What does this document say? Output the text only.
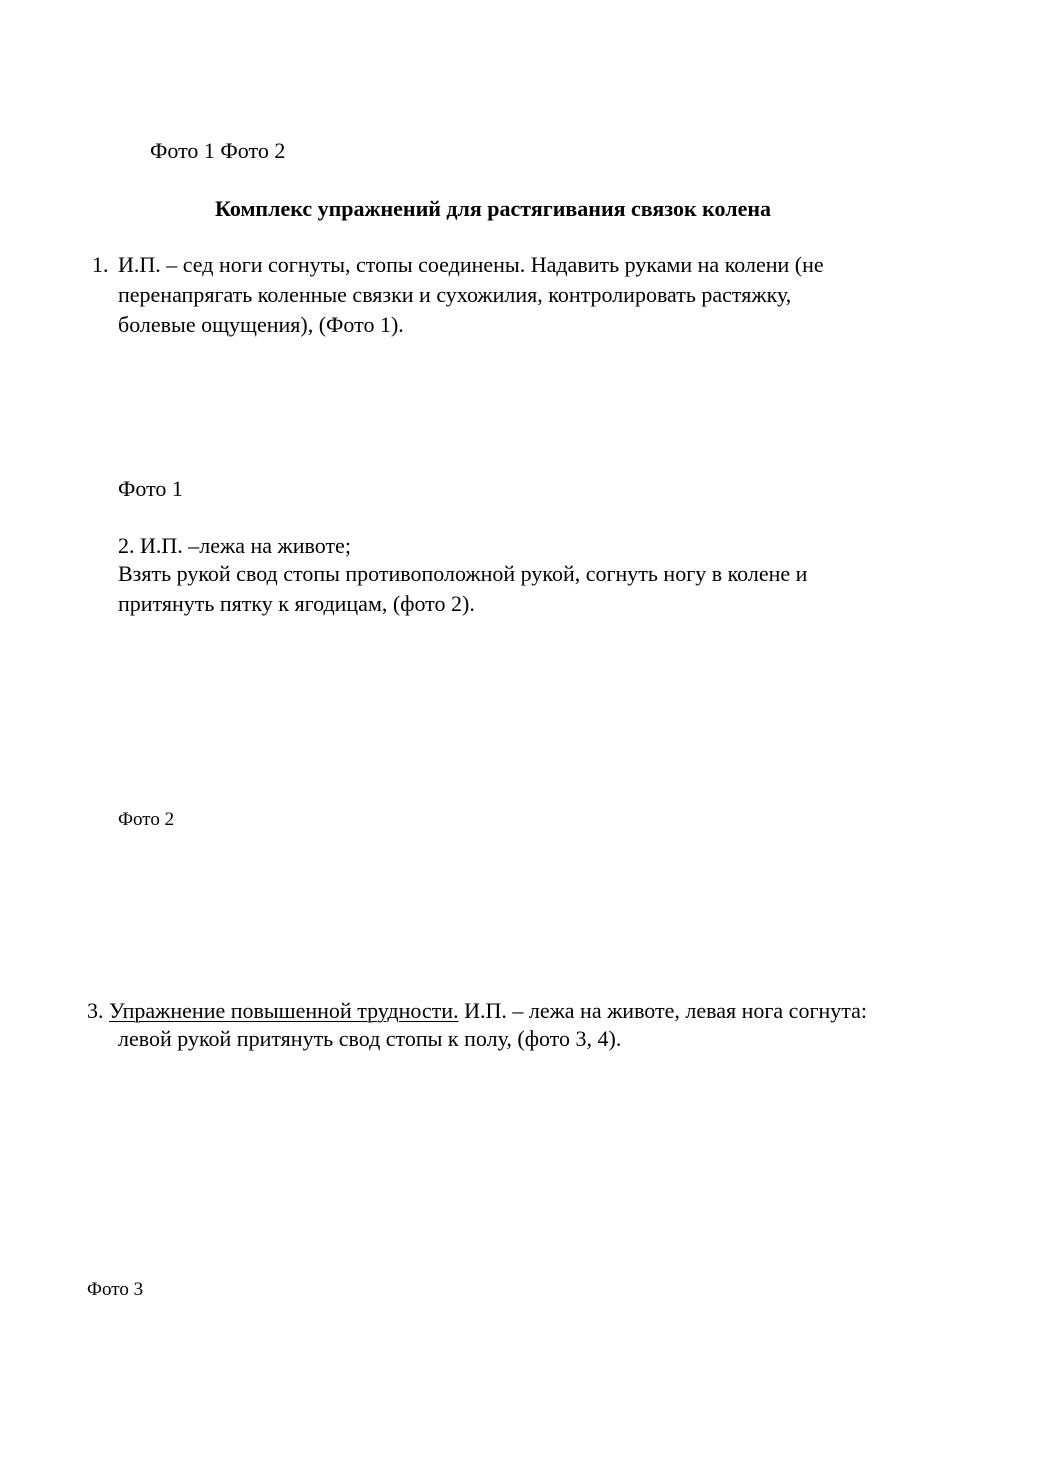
Фото 1 Фото 2
Комплекс упражнений для растягивания связок колена
1. И.П. – сед ноги согнуты, стопы соединены. Надавить руками на колени (не
перенапрягать коленные связки и сухожилия, контролировать растяжку,
болевые ощущения), (Фото 1).
Фото 1
2. И.П. –лежа на животе;
Взять рукой свод стопы противоположной рукой, согнуть ногу в колене и
притянуть пятку к ягодицам, (фото 2).
Фото 2
3. Упражнение повышенной трудности. И.П. – лежа на животе, левая нога согнута:
левой рукой притянуть свод стопы к полу, (фото 3, 4).
Фото 3
